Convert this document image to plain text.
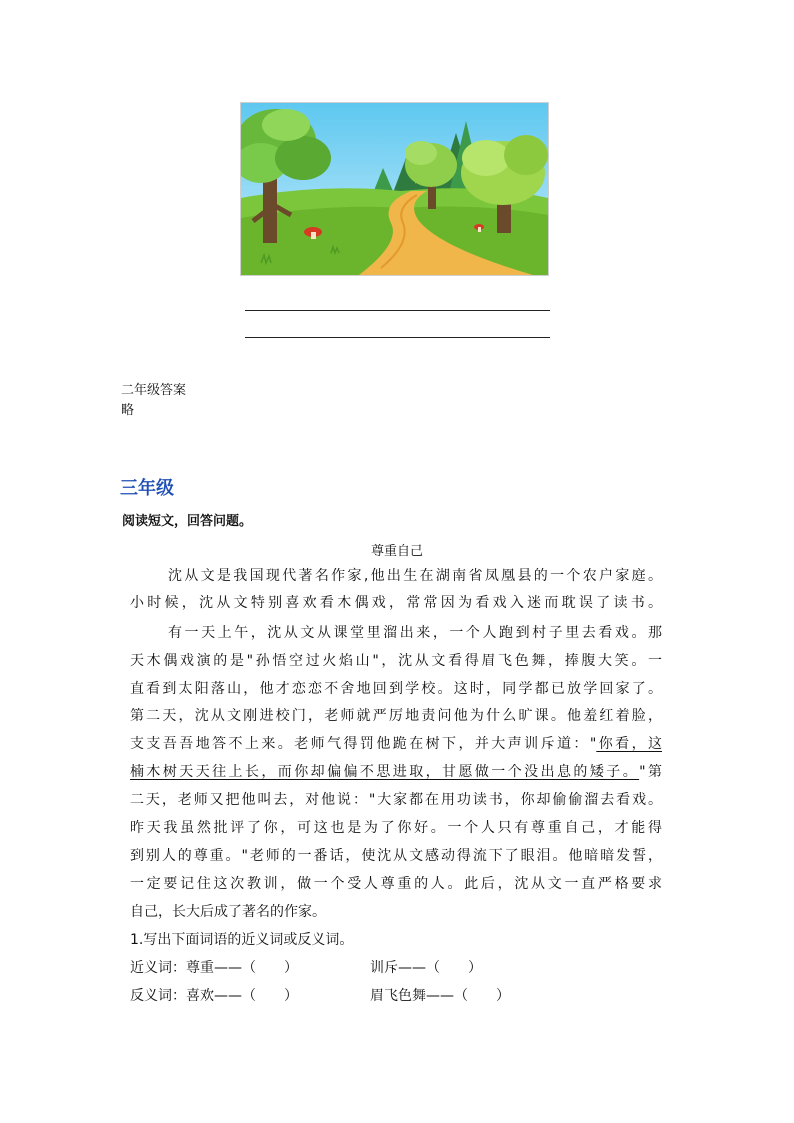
二年级答案
略
三年级
阅读短文，回答问题。
尊重自己
沈从文是我国现代著名作家,他出生在湖南省凤凰县的一个农户家庭。
小时候，沈从文特别喜欢看木偶戏，常常因为看戏入迷而耽误了读书。
有一天上午，沈从文从课堂里溜出来，一个人跑到村子里去看戏。那
天木偶戏演的是"孙悟空过火焰山"，沈从文看得眉飞色舞，捧腹大笑。一
直看到太阳落山，他才恋恋不舍地回到学校。这时，同学都已放学回家了。
第二天，沈从文刚进校门，老师就严厉地责问他为什么旷课。他羞红着脸，
支支吾吾地答不上来。老师气得罚他跪在树下，并大声训斥道："你看，这
楠木树天天往上长，而你却偏偏不思进取，甘愿做一个没出息的矮子。"第
二天，老师又把他叫去，对他说："大家都在用功读书，你却偷偷溜去看戏。
昨天我虽然批评了你，可这也是为了你好。一个人只有尊重自己，才能得
到别人的尊重。"老师的一番话，使沈从文感动得流下了眼泪。他暗暗发誓，
一定要记住这次教训，做一个受人尊重的人。此后，沈从文一直严格要求
自己，长大后成了著名的作家。
1.写出下面词语的近义词或反义词。
近义词：尊重——（　　）	训斥——（　　）
反义词：喜欢——（　　）	眉飞色舞——（　　）
